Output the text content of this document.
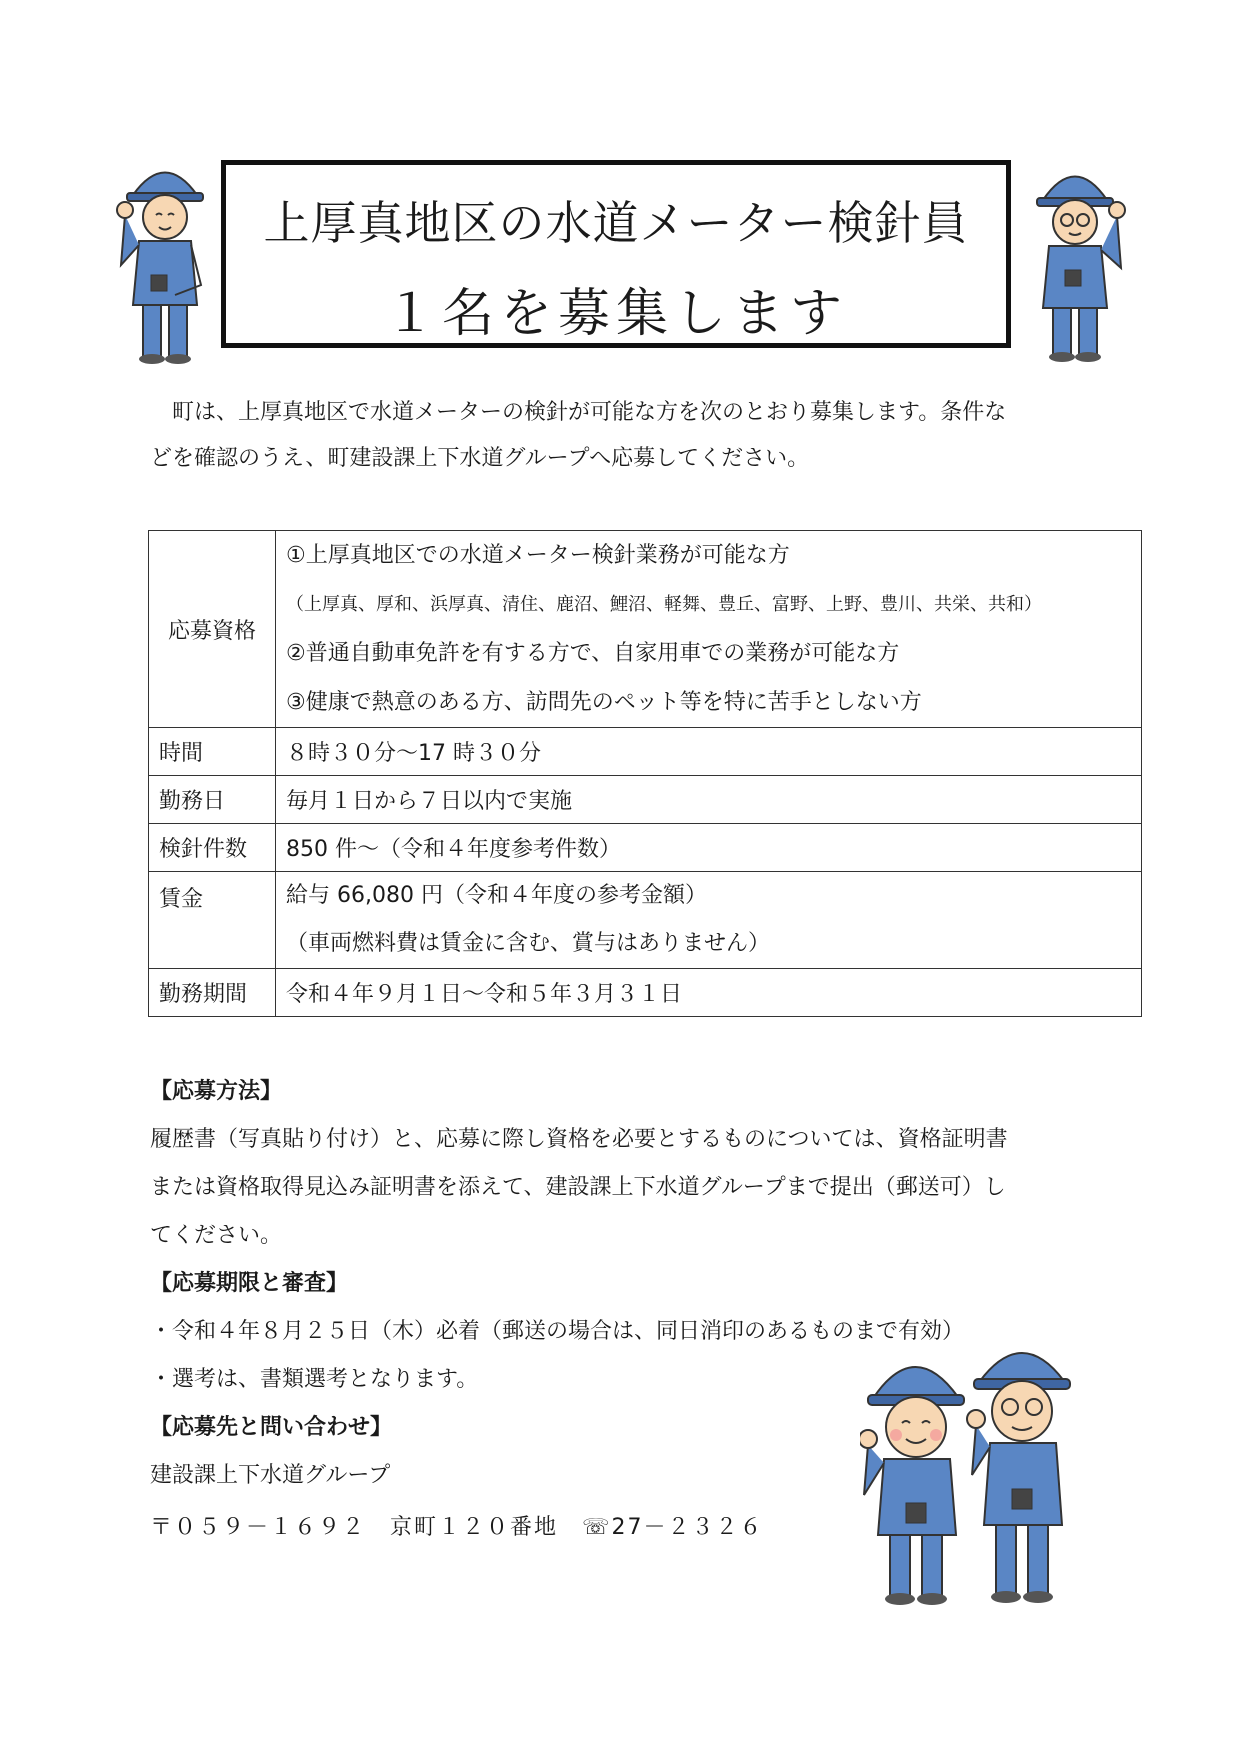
上厚真地区の水道メーター検針員
１名を募集します

　町は、上厚真地区で水道メーターの検針が可能な方を次のとおり募集します。条件な

どを確認のうえ、町建設課上下水道グループへ応募してください。

応募資格	①上厚真地区での水道メーター検針業務が可能な方
（上厚真、厚和、浜厚真、清住、鹿沼、鯉沼、軽舞、豊丘、富野、上野、豊川、共栄、共和）
②普通自動車免許を有する方で、自家用車での業務が可能な方
③健康で熱意のある方、訪問先のペット等を特に苦手としない方

時間	８時３０分～17 時３０分
勤務日	毎月１日から７日以内で実施
検針件数	850 件～（令和４年度参考件数）
賃金	給与 66,080 円（令和４年度の参考金額）
（車両燃料費は賃金に含む、賞与はありません）

勤務期間	令和４年９月１日～令和５年３月３１日
【応募方法】

履歴書（写真貼り付け）と、応募に際し資格を必要とするものについては、資格証明書

または資格取得見込み証明書を添えて、建設課上下水道グループまで提出（郵送可）し

てください。

【応募期限と審査】

・令和４年８月２５日（木）必着（郵送の場合は、同日消印のあるものまで有効）

・選考は、書類選考となります。

【応募先と問い合わせ】

建設課上下水道グループ

〒０５９－１６９２　京町１２０番地　☏27－２３２６
